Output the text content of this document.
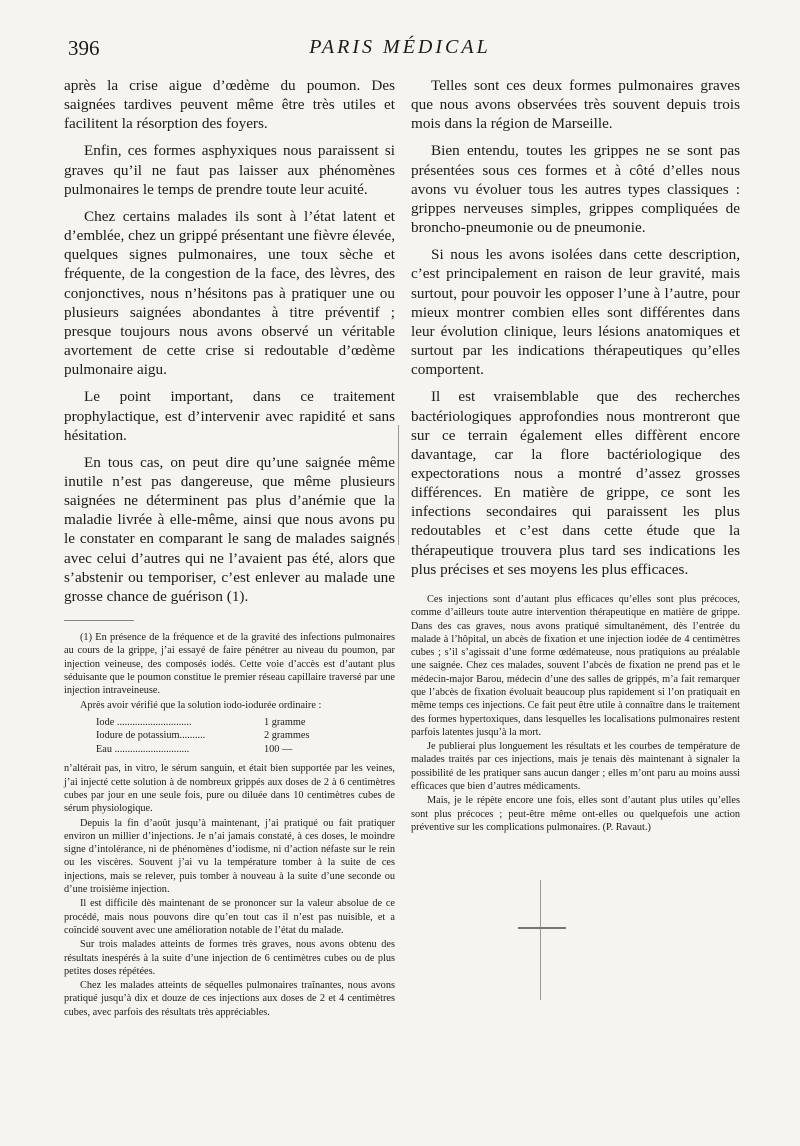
396	PARIS MÉDICAL

après la crise aigue d’œdème du poumon. Des saignées tardives peuvent même être très utiles et facilitent la résorption des foyers.

Enfin, ces formes asphyxiques nous paraissent si graves qu’il ne faut pas laisser aux phénomènes pulmonaires le temps de prendre toute leur acuité.

Chez certains malades ils sont à l’état latent et d’emblée, chez un grippé présentant une fièvre élevée, quelques signes pulmonaires, une toux sèche et fréquente, de la congestion de la face, des lèvres, des conjonctives, nous n’hésitons pas à pratiquer une ou plusieurs saignées abondantes à titre préventif ; presque toujours nous avons observé un véritable avortement de cette crise si redoutable d’œdème pulmonaire aigu.

Le point important, dans ce traitement prophylactique, est d’intervenir avec rapidité et sans hésitation.

En tous cas, on peut dire qu’une saignée même inutile n’est pas dangereuse, que même plusieurs saignées ne déterminent pas plus d’anémie que la maladie livrée à elle-même, ainsi que nous avons pu le constater en comparant le sang de malades saignés avec celui d’autres qui ne l’avaient pas été, alors que s’abstenir ou temporiser, c’est enlever au malade une grosse chance de guérison (1).

(1) En présence de la fréquence et de la gravité des infections pulmonaires au cours de la grippe, j’ai essayé de faire pénétrer au niveau du poumon, par injection veineuse, des composés iodés. Cette voie d’accès est d’autant plus séduisante que le poumon constitue le premier réseau capillaire traversé par une injection intraveineuse.

Après avoir vérifié que la solution iodo-iodurée ordinaire :

Iode .............................	1 gramme
Iodure de potassium..........	2 grammes
Eau .............................	100 —

n’altérait pas, in vitro, le sérum sanguin, et était bien supportée par les veines, j’ai injecté cette solution à de nombreux grippés aux doses de 2 à 6 centimètres cubes par jour en une seule fois, pure ou diluée dans 10 centimètres cubes de sérum physiologique.

Depuis la fin d’août jusqu’à maintenant, j’ai pratiqué ou fait pratiquer environ un millier d’injections. Je n’ai jamais constaté, à ces doses, le moindre signe d’intolérance, ni de phénomènes d’iodisme, ni d’action néfaste sur le rein ou les viscères. Souvent j’ai vu la température tomber à la suite de ces injections, mais se relever, puis tomber à nouveau à la suite d’une seconde ou d’une troisième injection.

Il est difficile dès maintenant de se prononcer sur la valeur absolue de ce procédé, mais nous pouvons dire qu’en tout cas il n’est pas nuisible, et a coïncidé souvent avec une amélioration notable de l’état du malade.

Sur trois malades atteints de formes très graves, nous avons obtenu des résultats inespérés à la suite d’une injection de 6 centimètres cubes ou de plus petites doses répétées.

Chez les malades atteints de séquelles pulmonaires traînantes, nous avons pratiqué jusqu’à dix et douze de ces injections aux doses de 2 et 4 centimètres cubes, avec parfois des résultats très appréciables.

Telles sont ces deux formes pulmonaires graves que nous avons observées très souvent depuis trois mois dans la région de Marseille.

Bien entendu, toutes les grippes ne se sont pas présentées sous ces formes et à côté d’elles nous avons vu évoluer tous les autres types classiques : grippes nerveuses simples, grippes compliquées de broncho-pneumonie ou de pneumonie.

Si nous les avons isolées dans cette description, c’est principalement en raison de leur gravité, mais surtout, pour pouvoir les opposer l’une à l’autre, pour mieux montrer combien elles sont différentes dans leur évolution clinique, leurs lésions anatomiques et surtout par les indications thérapeutiques qu’elles comportent.

Il est vraisemblable que des recherches bactériologiques approfondies nous montreront que sur ce terrain également elles diffèrent encore davantage, car la flore bactériologique des expectorations nous a montré d’assez grosses différences. En matière de grippe, ce sont les infections secondaires qui paraissent les plus redoutables et c’est dans cette étude que la thérapeutique trouvera plus tard ses indications les plus précises et ses moyens les plus efficaces.

Ces injections sont d’autant plus efficaces qu’elles sont plus précoces, comme d’ailleurs toute autre intervention thérapeutique en matière de grippe. Dans des cas graves, nous avons pratiqué simultanément, dès l’entrée du malade à l’hôpital, un abcès de fixation et une injection iodée de 4 centimètres cubes ; s’il s’agissait d’une forme œdémateuse, nous pratiquions au préalable une saignée. Chez ces malades, souvent l’abcès de fixation ne prend pas et le médecin-major Barou, médecin d’une des salles de grippés, m’a fait remarquer que l’abcès de fixation évoluait beaucoup plus rapidement si l’on pratiquait en même temps ces injections. Ce fait peut être utile à connaître dans le traitement des formes hypertoxiques, dans lesquelles les localisations pulmonaires restent parfois latentes jusqu’à la mort.

Je publierai plus longuement les résultats et les courbes de température de malades traités par ces injections, mais je tenais dès maintenant à signaler la possibilité de les pratiquer sans aucun danger ; elles m’ont paru au moins aussi efficaces que bien d’autres médicaments.

Mais, je le répète encore une fois, elles sont d’autant plus utiles qu’elles sont plus précoces ; peut-être même ont-elles ou quelquefois une action préventive sur les complications pulmonaires. (P. Ravaut.)
